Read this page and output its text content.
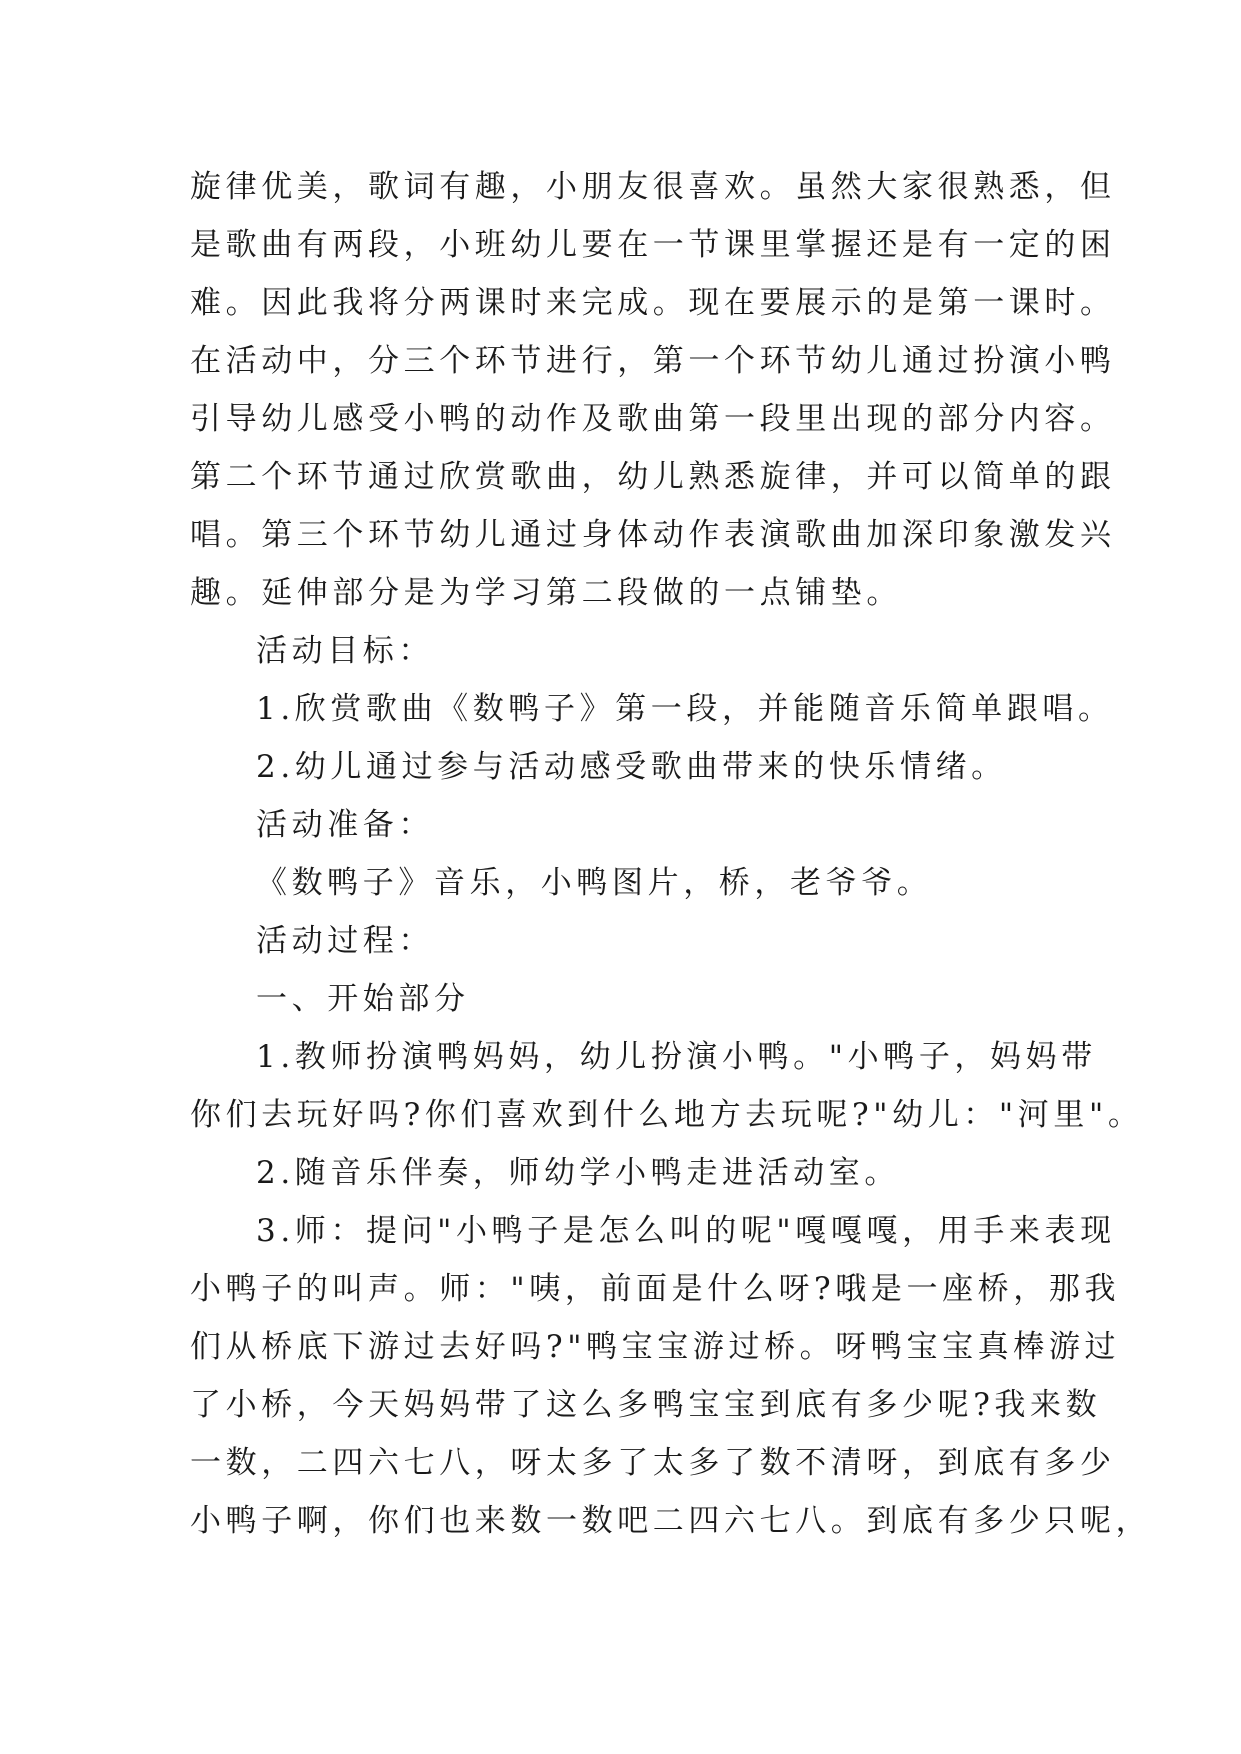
旋律优美，歌词有趣，小朋友很喜欢。虽然大家很熟悉，但
是歌曲有两段，小班幼儿要在一节课里掌握还是有一定的困
难。因此我将分两课时来完成。现在要展示的是第一课时。
在活动中，分三个环节进行，第一个环节幼儿通过扮演小鸭
引导幼儿感受小鸭的动作及歌曲第一段里出现的部分内容。
第二个环节通过欣赏歌曲，幼儿熟悉旋律，并可以简单的跟
唱。第三个环节幼儿通过身体动作表演歌曲加深印象激发兴
趣。延伸部分是为学习第二段做的一点铺垫。
活动目标：
1.欣赏歌曲《数鸭子》第一段，并能随音乐简单跟唱。
2.幼儿通过参与活动感受歌曲带来的快乐情绪。
活动准备：
《数鸭子》音乐，小鸭图片，桥，老爷爷。
活动过程：
一、开始部分
1.教师扮演鸭妈妈，幼儿扮演小鸭。"小鸭子，妈妈带
你们去玩好吗?你们喜欢到什么地方去玩呢?"幼儿："河里"。
2.随音乐伴奏，师幼学小鸭走进活动室。
3.师：提问"小鸭子是怎么叫的呢"嘎嘎嘎，用手来表现
小鸭子的叫声。师："咦，前面是什么呀?哦是一座桥，那我
们从桥底下游过去好吗?"鸭宝宝游过桥。呀鸭宝宝真棒游过
了小桥，今天妈妈带了这么多鸭宝宝到底有多少呢?我来数
一数，二四六七八，呀太多了太多了数不清呀，到底有多少
小鸭子啊，你们也来数一数吧二四六七八。到底有多少只呢，
